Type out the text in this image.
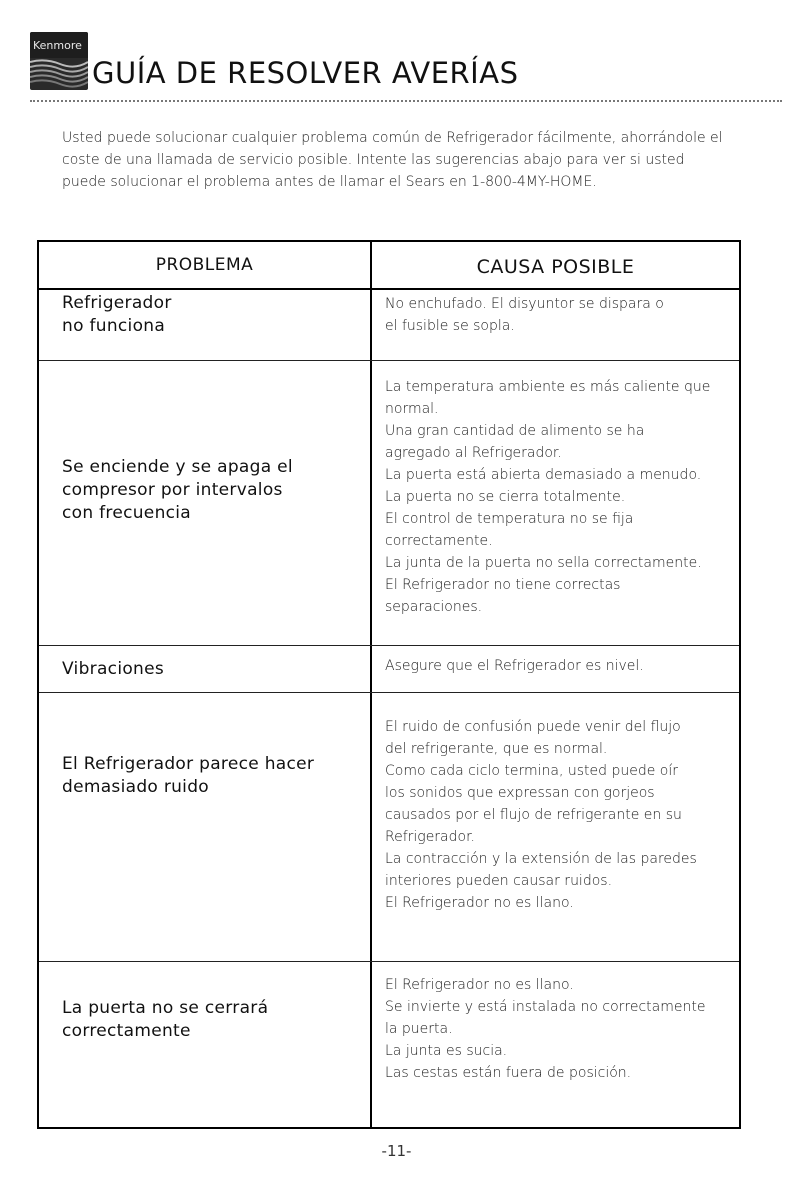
Kenmore
GUÍA DE RESOLVER AVERÍAS

Usted puede solucionar cualquier problema común de Refrigerador fácilmente, ahorrándole el

coste de una llamada de servicio posible. Intente las sugerencias abajo para ver si usted

puede solucionar el problema antes de llamar el Sears en 1-800-4MY-HOME.

PROBLEMA	CAUSA POSIBLE
Refrigerador
no funciona
No enchufado. El disyuntor se dispara o
el fusible se sopla.
Se enciende y se apaga el
compresor por intervalos
con frecuencia
La temperatura ambiente es más caliente que
normal.
Una gran cantidad de alimento se ha
agregado al Refrigerador.
La puerta está abierta demasiado a menudo.
La puerta no se cierra totalmente.
El control de temperatura no se fija
correctamente.
La junta de la puerta no sella correctamente.
El Refrigerador no tiene correctas
separaciones.
Vibraciones	Asegure que el Refrigerador es nivel.
El Refrigerador parece hacer
demasiado ruido
El ruido de confusión puede venir del flujo
del refrigerante, que es normal.
Como cada ciclo termina, usted puede oír
los sonidos que expressan con gorjeos
causados por el flujo de refrigerante en su
Refrigerador.
La contracción y la extensión de las paredes
interiores pueden causar ruidos.
El Refrigerador no es llano.
La puerta no se cerrará
correctamente
El Refrigerador no es llano.
Se invierte y está instalada no correctamente
la puerta.
La junta es sucia.
Las cestas están fuera de posición.
-11-
